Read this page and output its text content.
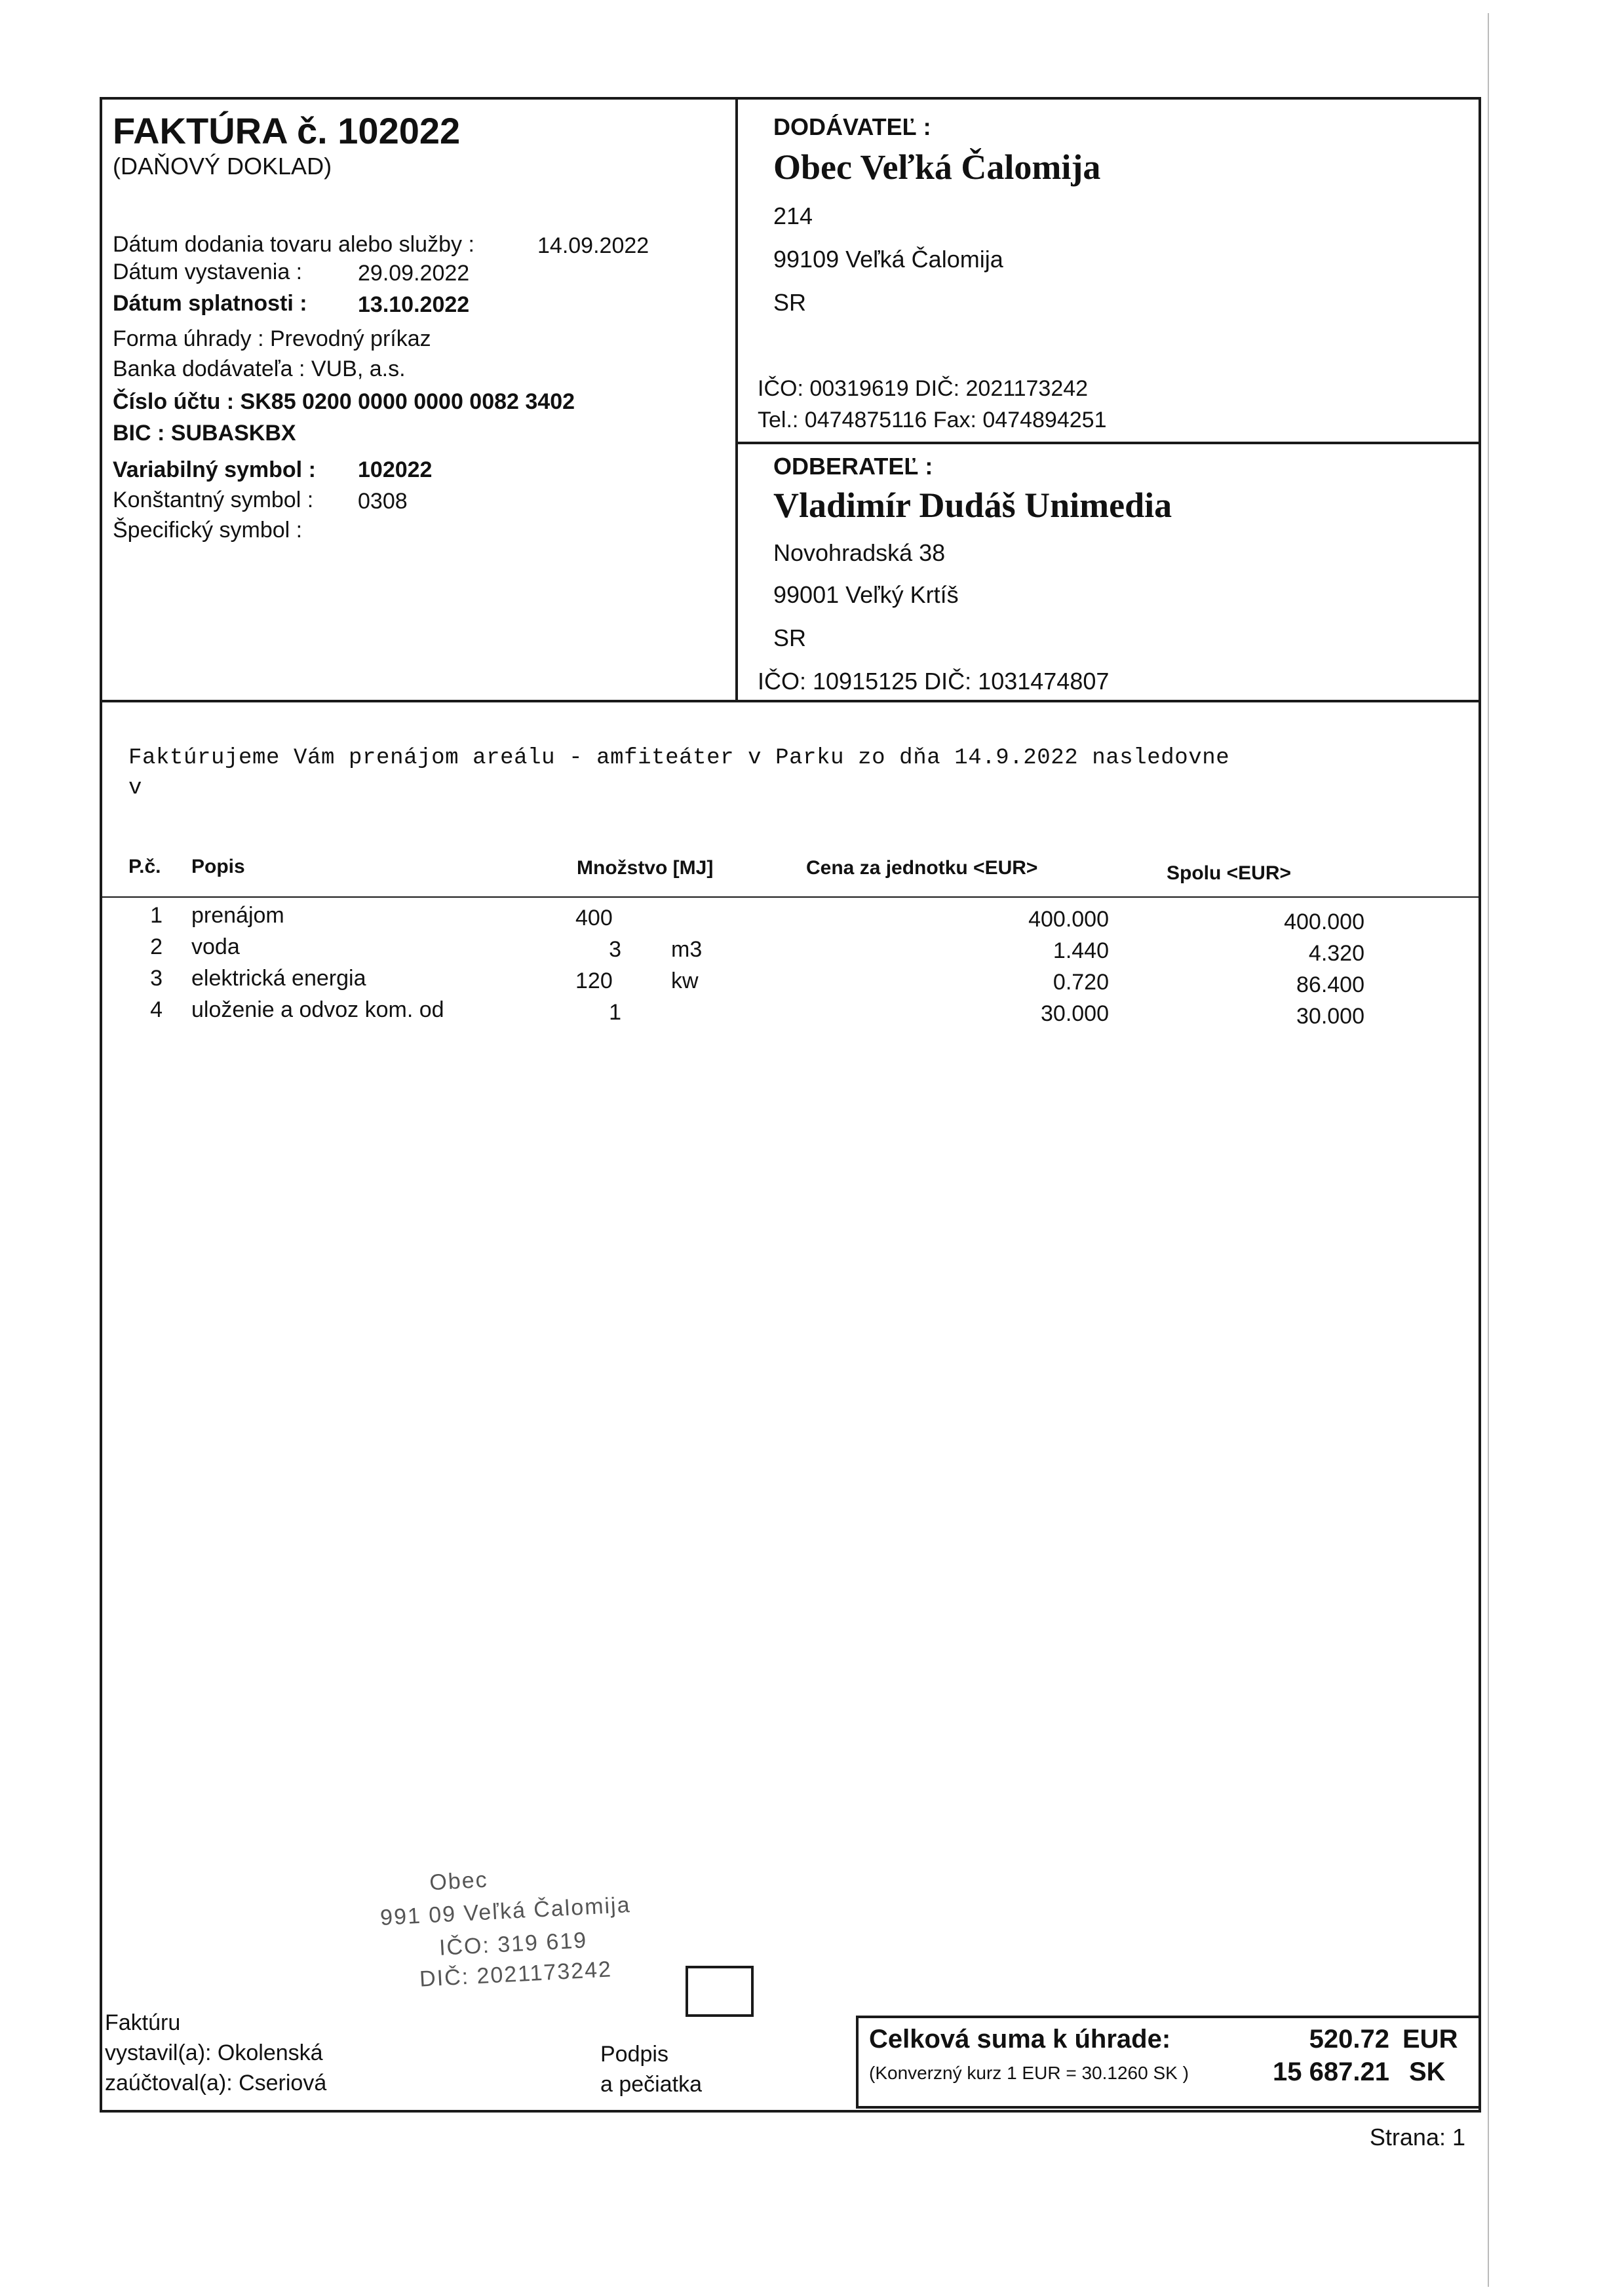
FAKTÚRA č. 102022
(DAŇOVÝ DOKLAD)
Dátum dodania tovaru alebo služby :	14.09.2022
Dátum vystavenia : 29.09.2022
Dátum splatnosti : 13.10.2022
Forma úhrady : Prevodný príkaz
Banka dodávateľa : VUB, a.s.
Číslo účtu : SK85 0200 0000 0000 0082 3402
BIC : SUBASKBX
Variabilný symbol : 102022
Konštantný symbol : 0308
Špecifický symbol :
DODÁVATEĽ :
Obec Veľká Čalomija
214
99109 Veľká Čalomija
SR
IČO: 00319619 DIČ: 2021173242
Tel.: 0474875116 Fax: 0474894251
ODBERATEĽ :
Vladimír Dudáš Unimedia
Novohradská 38
99001 Veľký Krtíš
SR
IČO: 10915125 DIČ: 1031474807
Faktúrujeme Vám prenájom areálu - amfiteáter v Parku zo dňa 14.9.2022 nasledovne
v
P.č. Popis	Množstvo [MJ]	Cena za jednotku <EUR>	Spolu <EUR>
1 prenájom	400	400.000	400.000
2 voda	3 m3	1.440	4.320
3 elektrická energia	120	kw	0.720	86.400
4 uloženie a odvoz kom. od	1	30.000	30.000
Obec
991 09 Veľká Čalomija
IČO: 319 619
DIČ: 2021173242
Faktúru
vystavil(a): Okolenská
zaúčtoval(a): Cseriová
Podpis
a pečiatka
Celková suma k úhrade:	520.72 EUR
(Konverzný kurz 1 EUR = 30.1260 SK )	15 687.21 SK
Strana: 1
